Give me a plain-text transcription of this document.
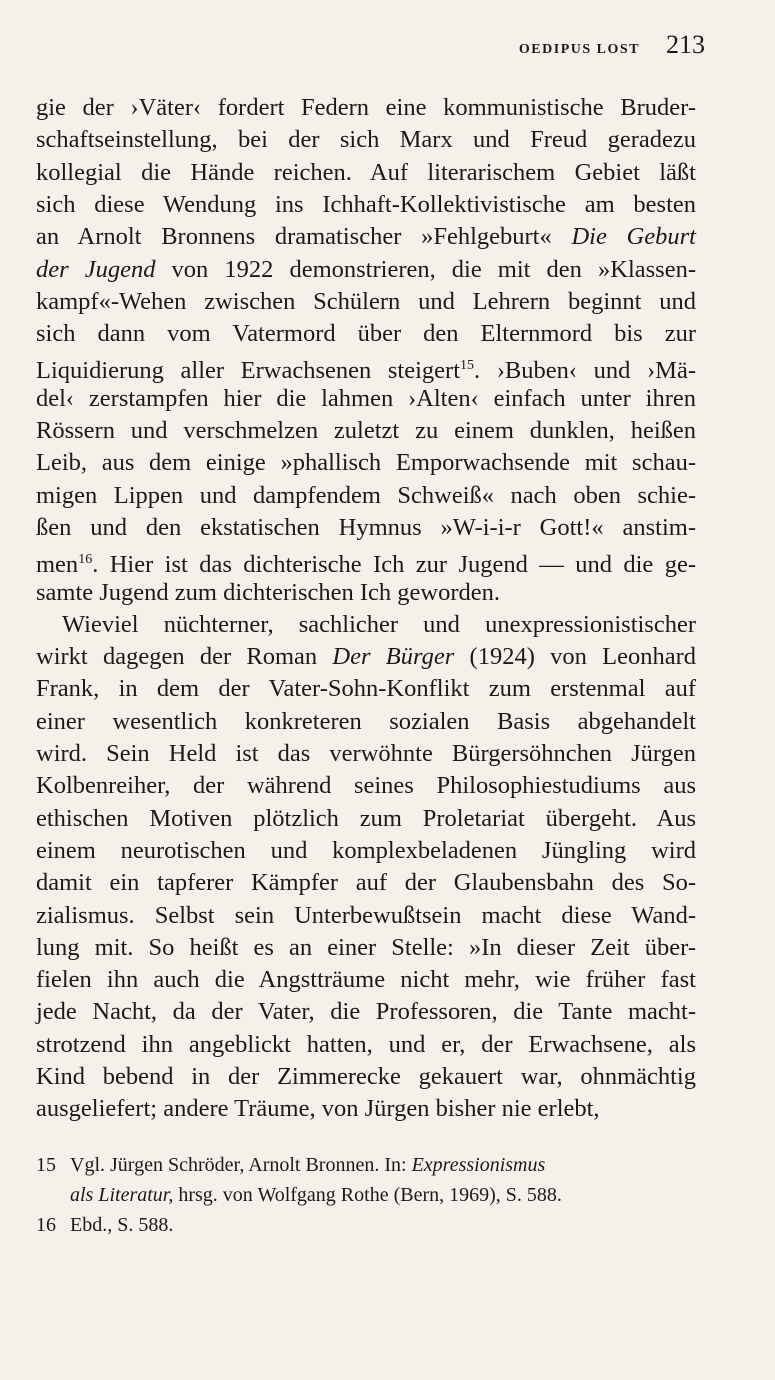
OEDIPUS LOST 213
gie der ›Väter‹ fordert Federn eine kommunistische Bruder-
schaftseinstellung, bei der sich Marx und Freud geradezu
kollegial die Hände reichen. Auf literarischem Gebiet läßt
sich diese Wendung ins Ichhaft-Kollektivistische am besten
an Arnolt Bronnens dramatischer »Fehlgeburt« Die Geburt
der Jugend von 1922 demonstrieren, die mit den »Klassen-
kampf«-Wehen zwischen Schülern und Lehrern beginnt und
sich dann vom Vatermord über den Elternmord bis zur
Liquidierung aller Erwachsenen steigert$^{15}$. ›Buben‹ und ›Mä-
del‹ zerstampfen hier die lahmen ›Alten‹ einfach unter ihren
Rössern und verschmelzen zuletzt zu einem dunklen, heißen
Leib, aus dem einige »phallisch Emporwachsende mit schau-
migen Lippen und dampfendem Schweiß« nach oben schie-
ßen und den ekstatischen Hymnus »W-i-i-r Gott!« anstim-
men$^{16}$. Hier ist das dichterische Ich zur Jugend — und die ge-
samte Jugend zum dichterischen Ich geworden.
Wieviel nüchterner, sachlicher und unexpressionistischer
wirkt dagegen der Roman Der Bürger (1924) von Leonhard
Frank, in dem der Vater-Sohn-Konflikt zum erstenmal auf
einer wesentlich konkreteren sozialen Basis abgehandelt
wird. Sein Held ist das verwöhnte Bürgersöhnchen Jürgen
Kolbenreiher, der während seines Philosophiestudiums aus
ethischen Motiven plötzlich zum Proletariat übergeht. Aus
einem neurotischen und komplexbeladenen Jüngling wird
damit ein tapferer Kämpfer auf der Glaubensbahn des So-
zialismus. Selbst sein Unterbewußtsein macht diese Wand-
lung mit. So heißt es an einer Stelle: »In dieser Zeit über-
fielen ihn auch die Angstträume nicht mehr, wie früher fast
jede Nacht, da der Vater, die Professoren, die Tante macht-
strotzend ihn angeblickt hatten, und er, der Erwachsene, als
Kind bebend in der Zimmerecke gekauert war, ohnmächtig
ausgeliefert; andere Träume, von Jürgen bisher nie erlebt,
15 Vgl. Jürgen Schröder, Arnolt Bronnen. In: Expressionismus
als Literatur, hrsg. von Wolfgang Rothe (Bern, 1969), S. 588.
16 Ebd., S. 588.
